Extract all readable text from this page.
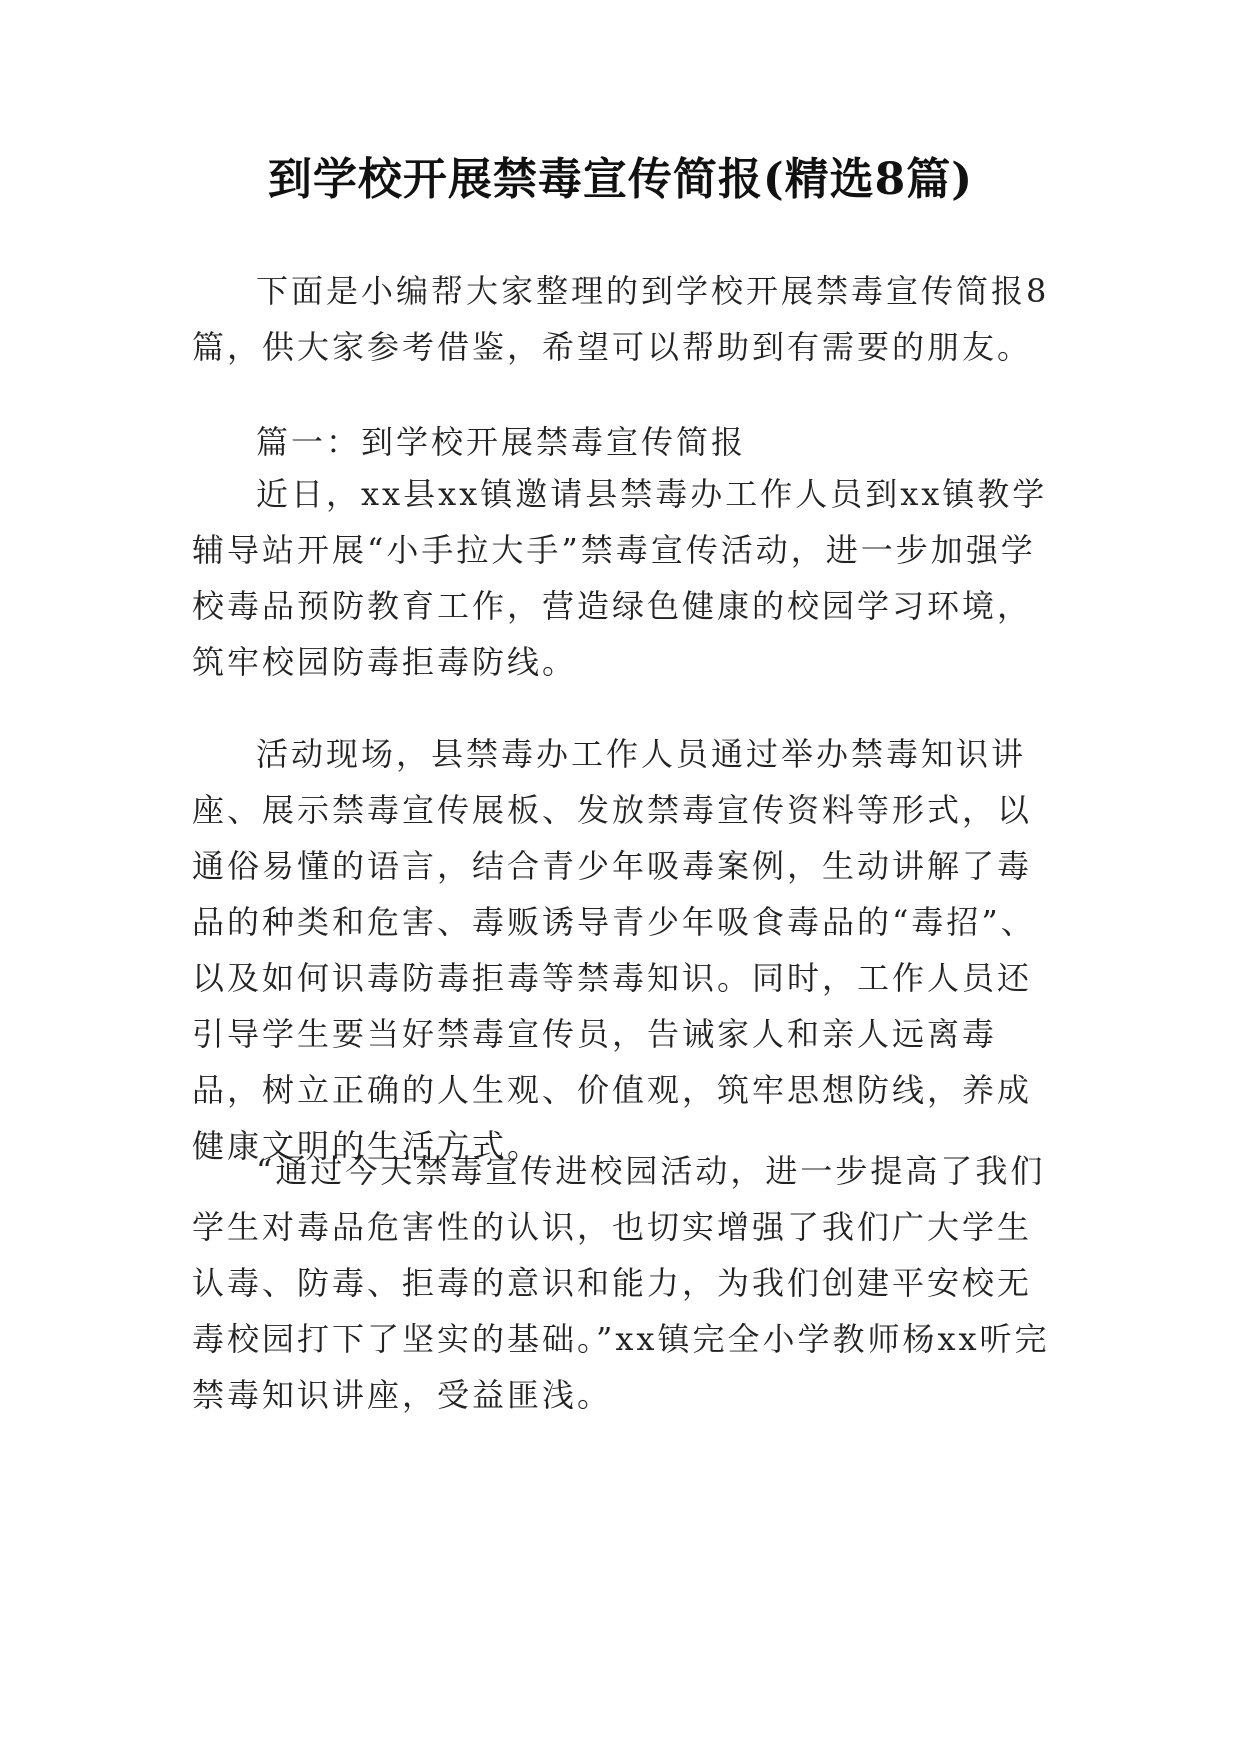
到学校开展禁毒宣传简报(精选8篇)

下面是小编帮大家整理的到学校开展禁毒宣传简报8篇，供大家参考借鉴，希望可以帮助到有需要的朋友。

篇一：到学校开展禁毒宣传简报

近日，xx县xx镇邀请县禁毒办工作人员到xx镇教学辅导站开展“小手拉大手”禁毒宣传活动，进一步加强学校毒品预防教育工作，营造绿色健康的校园学习环境，筑牢校园防毒拒毒防线。

活动现场，县禁毒办工作人员通过举办禁毒知识讲座、展示禁毒宣传展板、发放禁毒宣传资料等形式，以通俗易懂的语言，结合青少年吸毒案例，生动讲解了毒品的种类和危害、毒贩诱导青少年吸食毒品的“毒招”、以及如何识毒防毒拒毒等禁毒知识。同时，工作人员还引导学生要当好禁毒宣传员，告诫家人和亲人远离毒品，树立正确的人生观、价值观，筑牢思想防线，养成健康文明的生活方式。

“通过今天禁毒宣传进校园活动，进一步提高了我们学生对毒品危害性的认识，也切实增强了我们广大学生认毒、防毒、拒毒的意识和能力，为我们创建平安校无毒校园打下了坚实的基础。”xx镇完全小学教师杨xx听完禁毒知识讲座，受益匪浅。
